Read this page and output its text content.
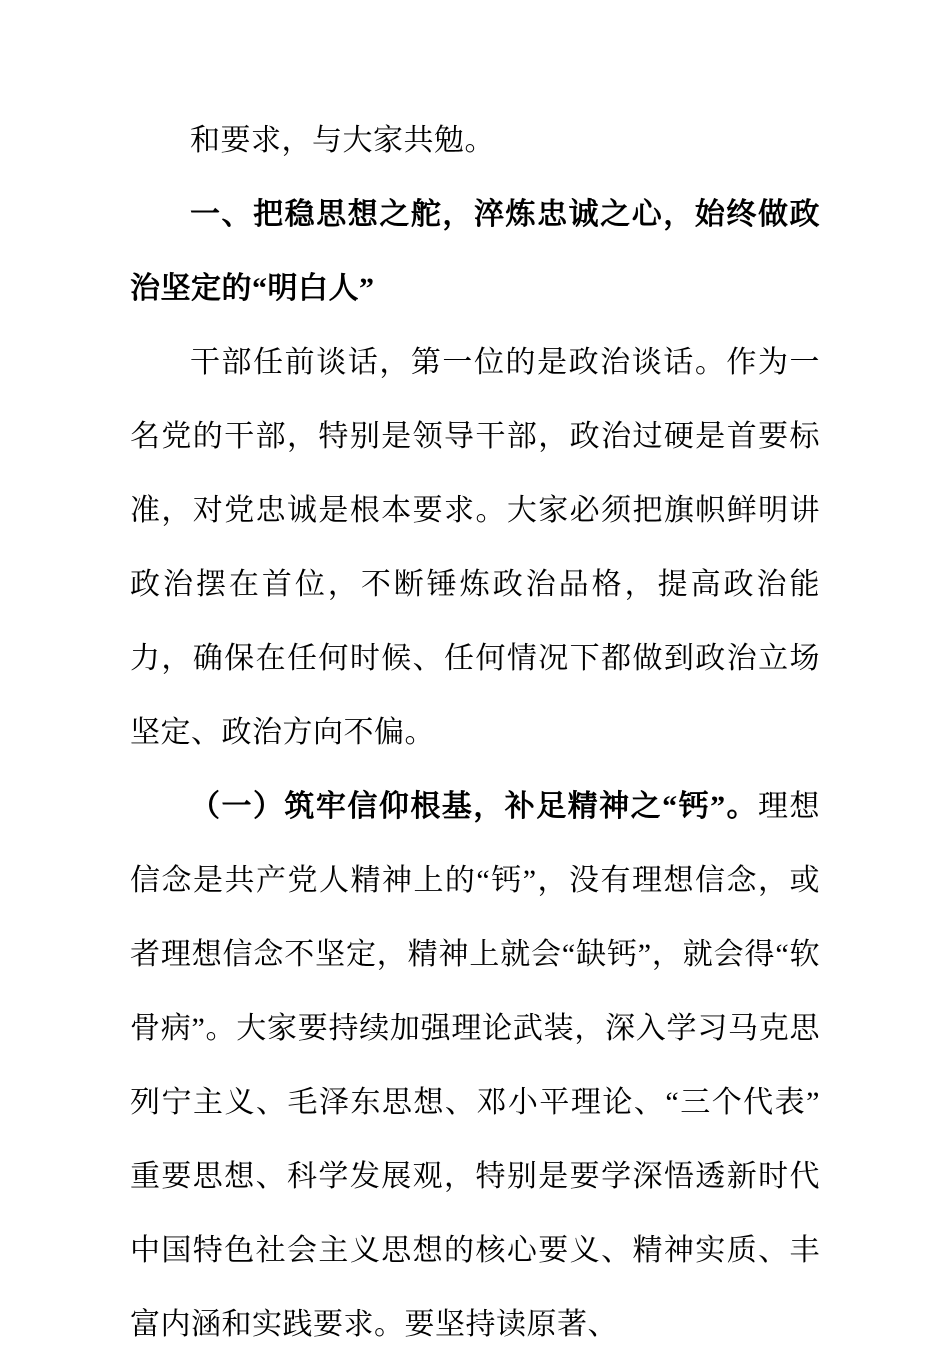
和要求，与大家共勉。

一、把稳思想之舵，淬炼忠诚之心，始终做政治坚定的“明白人”

干部任前谈话，第一位的是政治谈话。作为一名党的干部，特别是领导干部，政治过硬是首要标准，对党忠诚是根本要求。大家必须把旗帜鲜明讲政治摆在首位，不断锤炼政治品格，提高政治能力，确保在任何时候、任何情况下都做到政治立场坚定、政治方向不偏。

（一）筑牢信仰根基，补足精神之“钙”。理想信念是共产党人精神上的“钙”，没有理想信念，或者理想信念不坚定，精神上就会“缺钙”，就会得“软骨病”。大家要持续加强理论武装，深入学习马克思列宁主义、毛泽东思想、邓小平理论、“三个代表”重要思想、科学发展观，特别是要学深悟透新时代中国特色社会主义思想的核心要义、精神实质、丰富内涵和实践要求。要坚持读原著、
